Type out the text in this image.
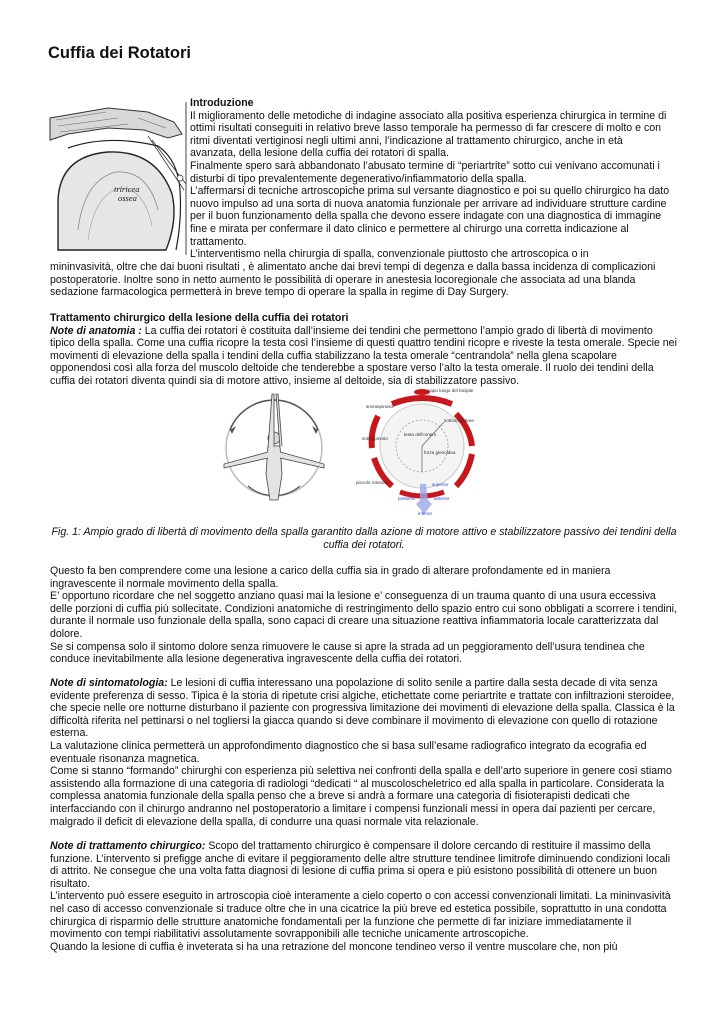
Cuffia dei Rotatori
triricea
ossea

Introduzione

Il miglioramento delle metodiche di indagine associato alla positiva esperienza chirurgica in termine di ottimi risultati conseguiti in relativo breve lasso temporale ha permesso di far crescere di molto e con ritmi diventati vertiginosi negli ultimi anni, l’indicazione al trattamento chirurgico, anche in età avanzata, della lesione della cuffia dei rotatori di spalla.

Finalmente spero sarà abbandonato l’abusato termine di “periartrite” sotto cui venivano accomunati i disturbi di tipo prevalentemente degenerativo/infiammatorio della spalla.

L’affermarsi di tecniche artroscopiche prima sul versante diagnostico e poi su quello chirurgico ha dato nuovo impulso ad una sorta di nuova anatomia funzionale per arrivare ad individuare strutture cardine per il buon funzionamento della spalla che devono essere indagate con una diagnostica di immagine fine e mirata per confermare il dato clinico e permettere al chirurgo una corretta indicazione al trattamento.

L’interventismo nella chirurgia di spalla, convenzionale piuttosto che artroscopica o in

mininvasività, oltre che dai buoni risultati , è alimentato anche dai brevi tempi di degenza e dalla bassa incidenza di complicazioni postoperatorie. Inoltre sono in netto aumento le possibilità di operare in anestesia locoregionale che associata ad una blanda sedazione farmacologica permetterà in breve tempo di operare la spalla in regime di Day Surgery.

Trattamento chirurgico della lesione della cuffia dei rotatori

Note di anatomia : La cuffia dei rotatori è costituita dall’insieme dei tendini che permettono l’ampio grado di libertà di movimento tipico della spalla. Come una cuffia ricopre la testa così l’insieme di questi quattro tendini ricopre e riveste la testa omerale. Specie nei movimenti di elevazione della spalla i tendini della cuffia stabilizzano la testa omerale “centrandola” nella glena scapolare opponendosi così alla forza del muscolo deltoide che tenderebbe a spostare verso l’alto la testa omerale. Il ruolo dei tendini della cuffia dei rotatori diventa quindi sia di motore attivo, insieme al deltoide, sia di stabilizzatore passivo.

capo lungo del bicipite
sovraspinoso
sottoscapolare
sottospinoso
testa dell'omero
forza glenoidea
piccolo rotondo	superior
posterior	anterior
inferior

Fig. 1: Ampio grado di libertà di movimento della spalla garantito dalla azione di motore attivo e stabilizzatore passivo dei tendini della cuffia dei rotatori.

Questo fa ben comprendere come una lesione a carico della cuffia sia in grado di alterare profondamente ed in maniera ingravescente il normale movimento della spalla.

E’ opportuno ricordare che nel soggetto anziano quasi mai la lesione e’ conseguenza di un trauma quanto di una usura eccessiva delle porzioni di cuffia più sollecitate. Condizioni anatomiche di restringimento dello spazio entro cui sono obbligati a scorrere i tendini, durante il normale uso funzionale della spalla, sono capaci di creare una situazione reattiva infiammatoria locale caratterizzata dal dolore.

Se si compensa solo il sintomo dolore senza rimuovere le cause si apre la strada ad un peggioramento dell’usura tendinea che conduce inevitabilmente alla lesione degenerativa ingravescente della cuffia dei rotatori.

Note di sintomatologia: Le lesioni di cuffia interessano una popolazione di solito senile a partire dalla sesta decade di vita senza evidente preferenza di sesso. Tipica è la storia di ripetute crisi algiche, etichettate come periartrite e trattate con infiltrazioni steroidee, che specie nelle ore notturne disturbano il paziente con progressiva limitazione dei movimenti di elevazione della spalla. Classica è la difficoltà riferita nel pettinarsi o nel togliersi la giacca quando si deve combinare il movimento di elevazione con quello di rotazione esterna.

La valutazione clinica permetterà un approfondimento diagnostico che si basa sull’esame radiografico integrato da ecografia ed eventuale risonanza magnetica.

Come si stanno “formando” chirurghi con esperienza più selettiva nei confronti della spalla e dell’arto superiore in genere così stiamo assistendo alla formazione di una categoria di radiologi “dedicati “ al muscoloscheletrico ed alla spalla in particolare. Considerata la complessa anatomia funzionale della spalla penso che a breve si andrà a formare una categoria di fisioterapisti dedicati che interfacciando con il chirurgo andranno nel postoperatorio a limitare i compensi funzionali messi in opera dai pazienti per cercare, malgrado il deficit di elevazione della spalla, di condurre una quasi normale vita relazionale.

Note di trattamento chirurgico: Scopo del trattamento chirurgico è compensare il dolore cercando di restituire il massimo della funzione. L’intervento si prefigge anche di evitare il peggioramento delle altre strutture tendinee limitrofe diminuendo condizioni locali di attrito. Ne consegue che una volta fatta diagnosi di lesione di cuffia prima si opera e più esistono possibilità di ottenere un buon risultato.

L’intervento può essere eseguito in artroscopia cioè interamente a cielo coperto o con accessi convenzionali limitati. La mininvasività nel caso di accesso convenzionale si traduce oltre che in una cicatrice la più breve ed estetica possibile, soprattutto in una condotta chirurgica di risparmio delle strutture anatomiche fondamentali per la funzione che permette di far iniziare immediatamente il movimento con tempi riabilitativi assolutamente sovrapponibili alle tecniche unicamente artroscopiche.

Quando la lesione di cuffia è inveterata si ha una retrazione del moncone tendineo verso il ventre muscolare che, non più
